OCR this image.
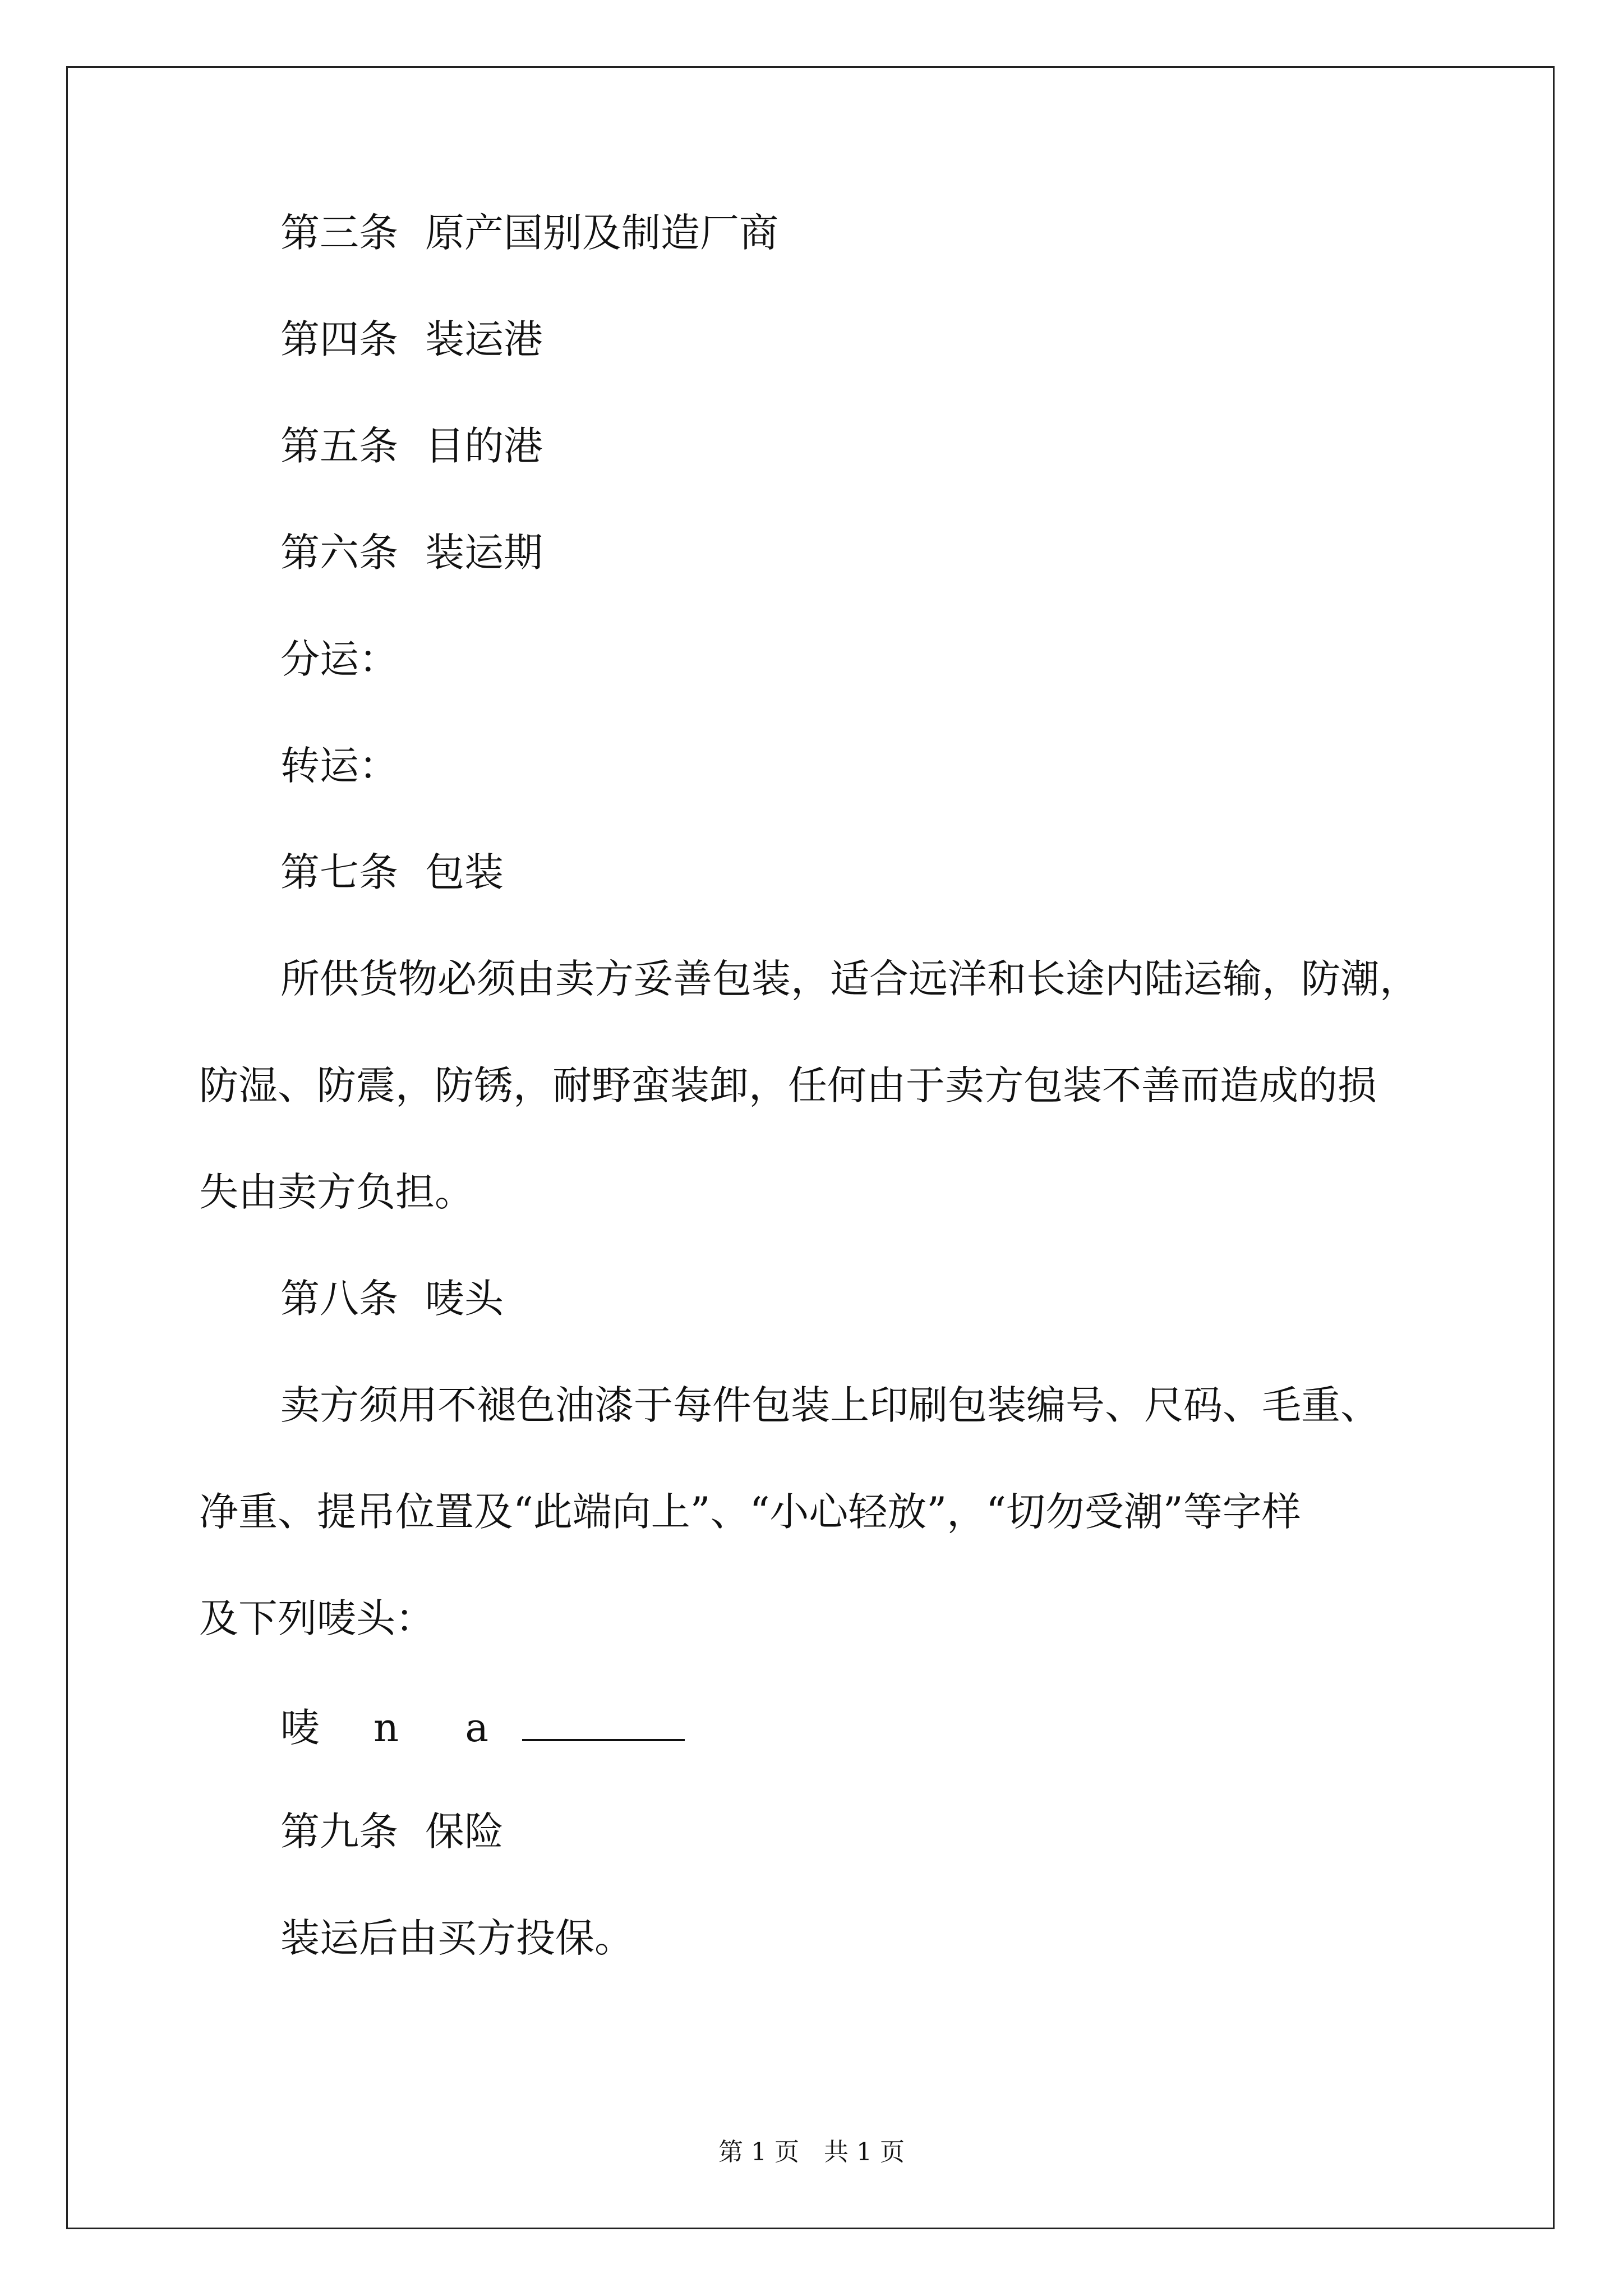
第三条 原产国别及制造厂商
第四条 装运港
第五条 目的港
第六条 装运期
分运：
转运：
第七条 包装
所供货物必须由卖方妥善包装，适合远洋和长途内陆运输，防潮，
防湿、防震，防锈，耐野蛮装卸，任何由于卖方包装不善而造成的损
失由卖方负担。
第八条 唛头
卖方须用不褪色油漆于每件包装上印刷包装编号、尺码、毛重、
净重、提吊位置及“此端向上”、“小心轻放”，“切勿受潮”等字样
及下列唛头：
唛 n a
第九条 保险
装运后由买方投保。
第 1 页　共 1 页
